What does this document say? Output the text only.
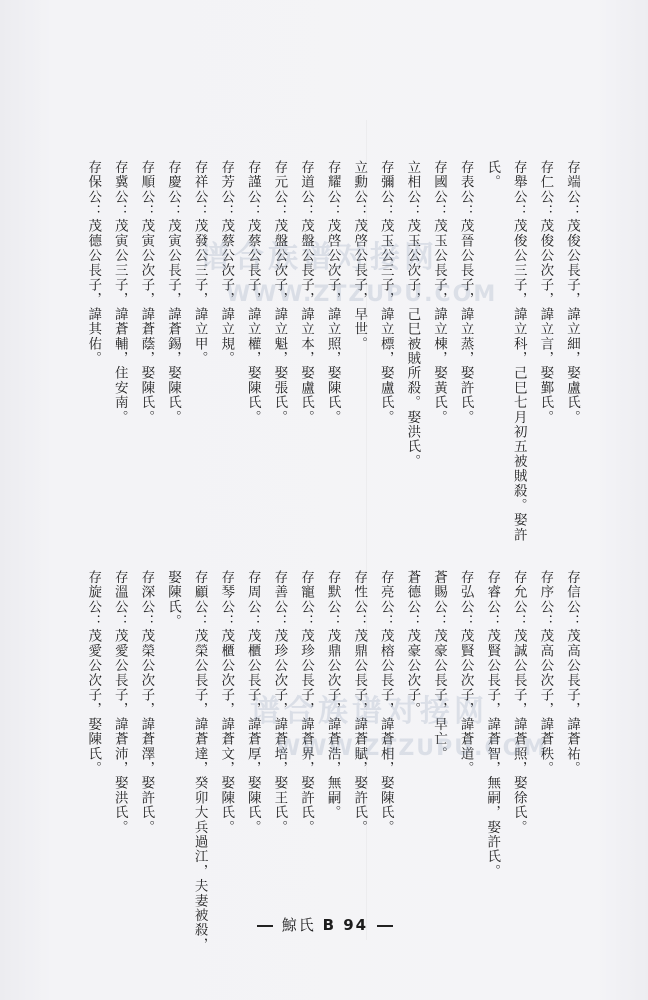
存端公：茂俊公長子，諱立細，娶盧氏。
存仁公：茂俊公次子，諱立言，娶鄞氏。
存舉公：茂俊公三子，諱立科，己巳七月初五被賊殺。娶許
氏。
存表公：茂晉公長子，諱立蒸，娶許氏。
存國公：茂玉公長子，諱立棟，娶黃氏。
立相公：茂玉公次子，己巳被賊所殺。娶洪氏。
存彌公：茂玉公三子，諱立標，娶盧氏。
立勳公：茂啓公長子，早世。
存耀公：茂啓公次子，諱立照，娶陳氏。
存道公：茂盤公長子，諱立本，娶盧氏。
存元公：茂盤公次子，諱立魁，娶張氏。
存謹公：茂蔡公長子，諱立權，娶陳氏。
存芳公：茂蔡公次子，諱立規。
存祥公：茂發公三子，諱立甲。
存慶公：茂寅公長子，諱蒼錫，娶陳氏。
存順公：茂寅公次子，諱蒼蔭，娶陳氏。
存冀公：茂寅公三子，諱蒼輔，住安南。
存保公：茂德公長子，諱其佑。
存信公：茂高公長子，諱蒼祐。
存序公：茂高公次子，諱蒼秩。
存允公：茂誠公長子，諱蒼照，娶徐氏。
存睿公：茂賢公長子，諱蒼智，無嗣，娶許氏。
存弘公：茂賢公次子，諱蒼道。
蒼賜公：茂豪公長子，早亡。
蒼德公：茂豪公次子。
存亮公：茂榕公長子，諱蒼相，娶陳氏。
存性公：茂鼎公長子，諱蒼賦，娶許氏。
存默公：茂鼎公次子，諱蒼浩，無嗣。
存寵公：茂珍公長子，諱蒼界，娶許氏。
存善公：茂珍公次子，諱蒼培，娶王氏。
存周公：茂櫃公長子，諱蒼厚，娶陳氏。
存琴公：茂櫃公次子，諱蒼文，娶陳氏。
存顧公：茂榮公長子，諱蒼達，癸卯大兵過江，夫妻被殺，
娶陳氏。
存深公：茂榮公次子，諱蒼澤，娶許氏。
存溫公：茂愛公長子，諱蒼沛，娶洪氏。
存旋公：茂愛公次子，娶陳氏。
谱合族谱对接网
WWW.ZTZUPU.COM
谱合族谱对接网
WWW.ZTZUPU.COM
鯨氏 B 94
